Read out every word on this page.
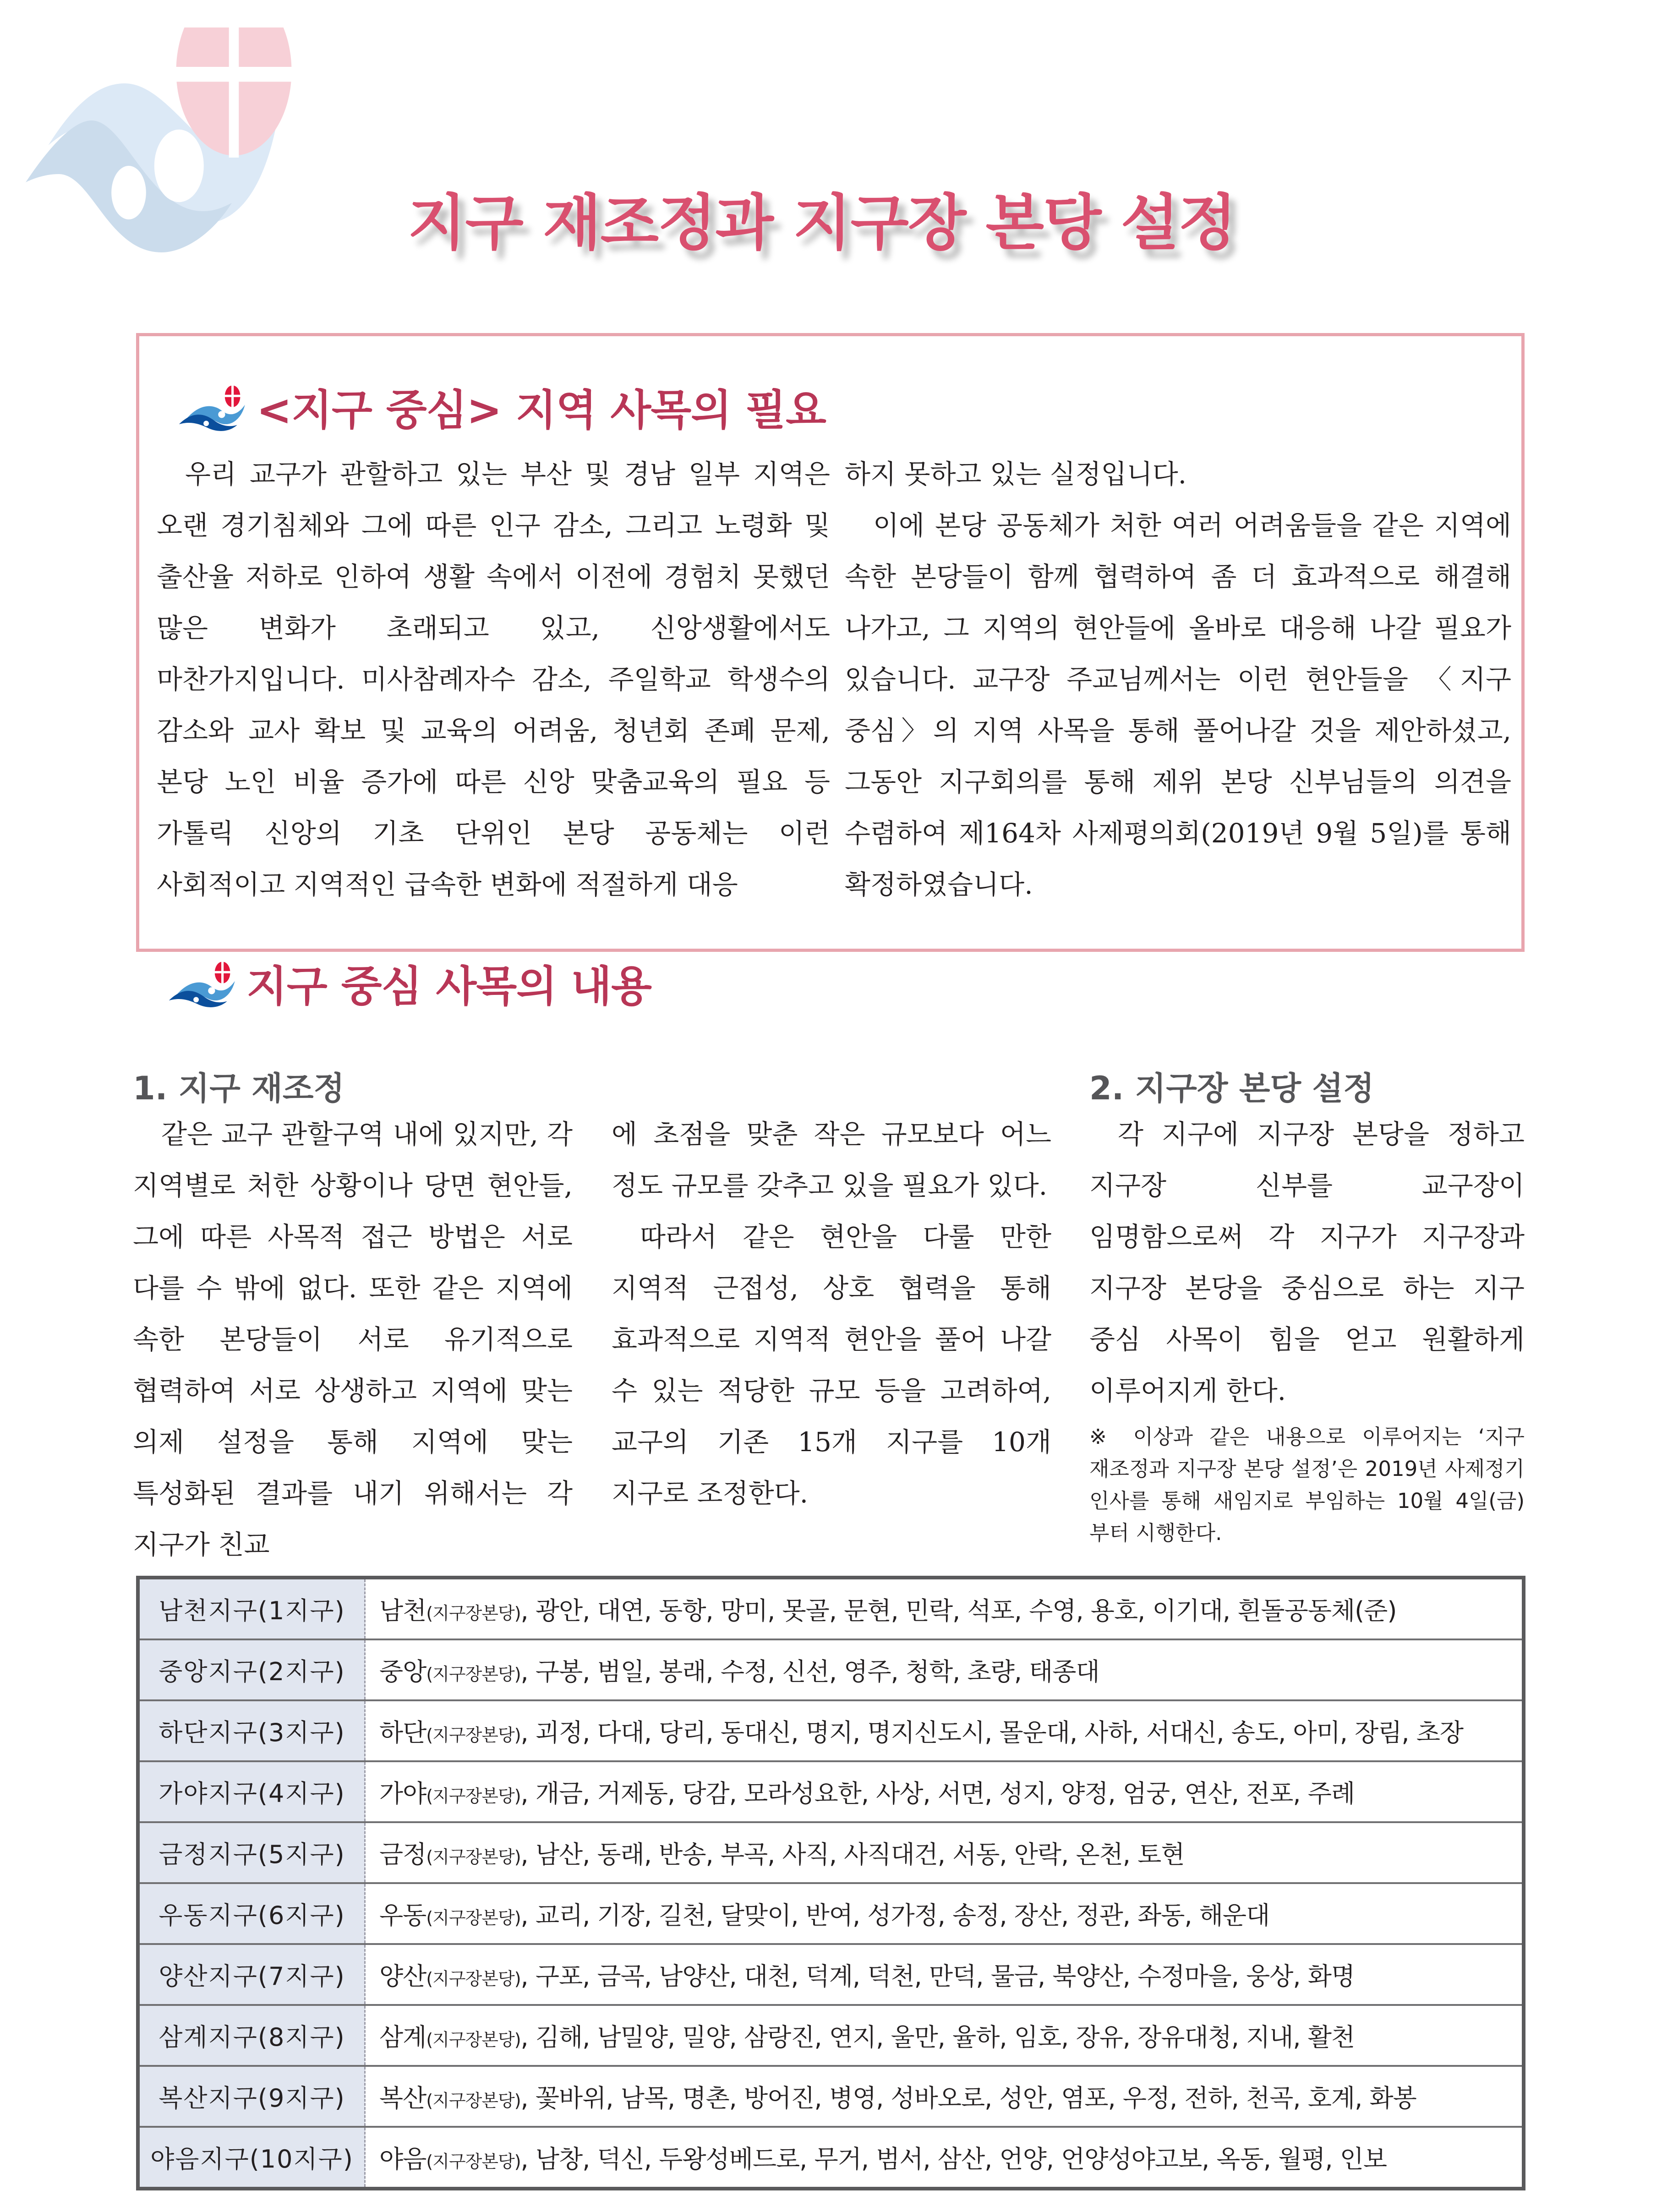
지구 재조정과 지구장 본당 설정
<지구 중심> 지역 사목의 필요

우리 교구가 관할하고 있는 부산 및 경남 일부 지역은 오랜 경기침체와 그에 따른 인구 감소, 그리고 노령화 및 출산율 저하로 인하여 생활 속에서 이전에 경험치 못했던 많은 변화가 초래되고 있고, 신앙생활에서도 마찬가지입니다. 미사참례자수 감소, 주일학교 학생수의 감소와 교사 확보 및 교육의 어려움, 청년회 존폐 문제, 본당 노인 비율 증가에 따른 신앙 맞춤교육의 필요 등 가톨릭 신앙의 기초 단위인 본당 공동체는 이런 사회적이고 지역적인 급속한 변화에 적절하게 대응

하지 못하고 있는 실정입니다.

이에 본당 공동체가 처한 여러 어려움들을 같은 지역에 속한 본당들이 함께 협력하여 좀 더 효과적으로 해결해 나가고, 그 지역의 현안들에 올바로 대응해 나갈 필요가 있습니다. 교구장 주교님께서는 이런 현안들을 〈지구 중심〉의 지역 사목을 통해 풀어나갈 것을 제안하셨고, 그동안 지구회의를 통해 제위 본당 신부님들의 의견을 수렴하여 제164차 사제평의회(2019년 9월 5일)를 통해 확정하였습니다.

지구 중심 사목의 내용
1. 지구 재조정	2. 지구장 본당 설정

같은 교구 관할구역 내에 있지만, 각 지역별로 처한 상황이나 당면 현안들, 그에 따른 사목적 접근 방법은 서로 다를 수 밖에 없다. 또한 같은 지역에 속한 본당들이 서로 유기적으로 협력하여 서로 상생하고 지역에 맞는 의제 설정을 통해 지역에 맞는 특성화된 결과를 내기 위해서는 각 지구가 친교

에 초점을 맞춘 작은 규모보다 어느 정도 규모를 갖추고 있을 필요가 있다.

따라서 같은 현안을 다룰 만한 지역적 근접성, 상호 협력을 통해 효과적으로 지역적 현안을 풀어 나갈 수 있는 적당한 규모 등을 고려하여, 교구의 기존 15개 지구를 10개 지구로 조정한다.

각 지구에 지구장 본당을 정하고 지구장 신부를 교구장이 임명함으로써 각 지구가 지구장과 지구장 본당을 중심으로 하는 지구 중심 사목이 힘을 얻고 원활하게 이루어지게 한다.

※ 이상과 같은 내용으로 이루어지는 ‘지구 재조정과 지구장 본당 설정’은 2019년 사제정기 인사를 통해 새임지로 부임하는 10월 4일(금)부터 시행한다.

남천지구(1지구)	남천(지구장본당), 광안, 대연, 동항, 망미, 못골, 문현, 민락, 석포, 수영, 용호, 이기대, 흰돌공동체(준)
중앙지구(2지구)	중앙(지구장본당), 구봉, 범일, 봉래, 수정, 신선, 영주, 청학, 초량, 태종대
하단지구(3지구)	하단(지구장본당), 괴정, 다대, 당리, 동대신, 명지, 명지신도시, 몰운대, 사하, 서대신, 송도, 아미, 장림, 초장
가야지구(4지구)	가야(지구장본당), 개금, 거제동, 당감, 모라성요한, 사상, 서면, 성지, 양정, 엄궁, 연산, 전포, 주례
금정지구(5지구)	금정(지구장본당), 남산, 동래, 반송, 부곡, 사직, 사직대건, 서동, 안락, 온천, 토현
우동지구(6지구)	우동(지구장본당), 교리, 기장, 길천, 달맞이, 반여, 성가정, 송정, 장산, 정관, 좌동, 해운대
양산지구(7지구)	양산(지구장본당), 구포, 금곡, 남양산, 대천, 덕계, 덕천, 만덕, 물금, 북양산, 수정마을, 웅상, 화명
삼계지구(8지구)	삼계(지구장본당), 김해, 남밀양, 밀양, 삼랑진, 연지, 울만, 율하, 임호, 장유, 장유대청, 지내, 활천
복산지구(9지구)	복산(지구장본당), 꽃바위, 남목, 명촌, 방어진, 병영, 성바오로, 성안, 염포, 우정, 전하, 천곡, 호계, 화봉
야음지구(10지구)	야음(지구장본당), 남창, 덕신, 두왕성베드로, 무거, 범서, 삼산, 언양, 언양성야고보, 옥동, 월평, 인보
